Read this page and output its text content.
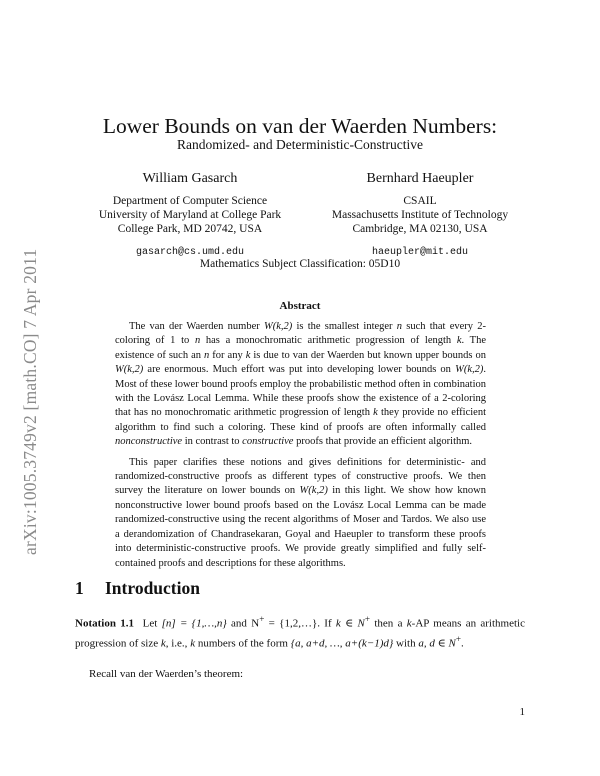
arXiv:1005.3749v2 [math.CO] 7 Apr 2011
Lower Bounds on van der Waerden Numbers:
Randomized- and Deterministic-Constructive
William Gasarch
Department of Computer Science
University of Maryland at College Park
College Park, MD 20742, USA
gasarch@cs.umd.edu
Bernhard Haeupler
CSAIL
Massachusetts Institute of Technology
Cambridge, MA 02130, USA
haeupler@mit.edu
Mathematics Subject Classification: 05D10
Abstract

The van der Waerden number W(k,2) is the smallest integer n such that every 2-coloring of 1 to n has a monochromatic arithmetic progression of length k. The existence of such an n for any k is due to van der Waerden but known upper bounds on W(k,2) are enormous. Much effort was put into developing lower bounds on W(k,2). Most of these lower bound proofs employ the probabilistic method often in combination with the Lovász Local Lemma. While these proofs show the existence of a 2-coloring that has no monochromatic arithmetic progression of length k they provide no efficient algorithm to find such a coloring. These kind of proofs are often informally called nonconstructive in contrast to constructive proofs that provide an efficient algorithm.

This paper clarifies these notions and gives definitions for deterministic- and randomized-constructive proofs as different types of constructive proofs. We then survey the literature on lower bounds on W(k,2) in this light. We show how known nonconstructive lower bound proofs based on the Lovász Local Lemma can be made randomized-constructive using the recent algorithms of Moser and Tardos. We also use a derandomization of Chandrasekaran, Goyal and Haeupler to transform these proofs into deterministic-constructive proofs. We provide greatly simplified and fully self-contained proofs and descriptions for these algorithms.

1 Introduction
Notation 1.1 Let [n] = {1,…,n} and N+ = {1,2,…}. If k ∈ N+ then a k-AP means an arithmetic progression of size k, i.e., k numbers of the form {a, a+d, …, a+(k−1)d} with a, d ∈ N+.
Recall van der Waerden’s theorem:
1
